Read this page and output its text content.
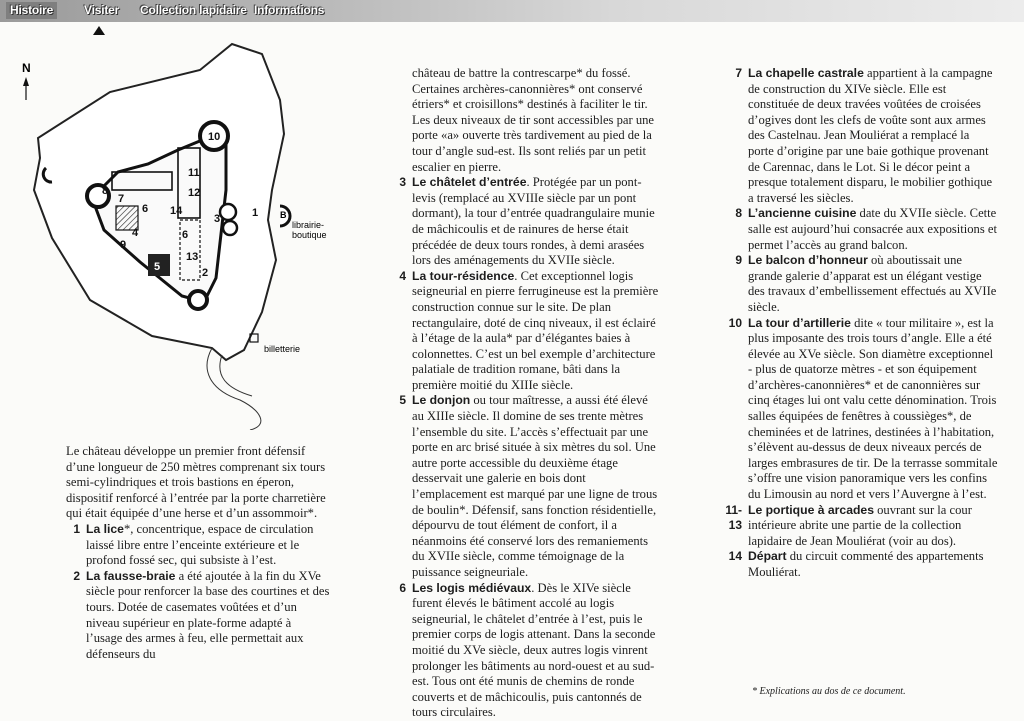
Histoire	Visiter Collection lapidaire Informations
N
10
1
2
3
4
5
6
6
7
8
9
11
12
13
14	B
librairie-
boutique
billetterie

Le château développe un premier front défensif d’une longueur de 250 mètres comprenant six tours semi-cylindriques et trois bastions en éperon, dispositif renforcé à l’entrée par la porte charretière qui était équipée d’une herse et d’un assommoir*.

1 La lice*, concentrique, espace de circulation laissé libre entre l’enceinte extérieure et le profond fossé sec, qui subsiste à l’est.
2 La fausse-braie a été ajoutée à la fin du XVe siècle pour renforcer la base des courtines et des tours. Dotée de casemates voûtées et d’un niveau supérieur en plate-forme adapté à l’usage des armes à feu, elle permettait aux défenseurs du

château de battre la contrescarpe* du fossé. Certaines archères-canonnières* ont conservé étriers* et croisillons* destinés à faciliter le tir. Les deux niveaux de tir sont accessibles par une porte «a» ouverte très tardivement au pied de la tour d’angle sud-est. Ils sont reliés par un petit escalier en pierre.

3 Le châtelet d’entrée. Protégée par un pont-levis (remplacé au XVIIIe siècle par un pont dormant), la tour d’entrée quadrangulaire munie de mâchicoulis et de rainures de herse était précédée de deux tours rondes, à demi arasées lors des aménagements du XVIIe siècle.
4 La tour-résidence. Cet exceptionnel logis seigneurial en pierre ferrugineuse est la première construction connue sur le site. De plan rectangulaire, doté de cinq niveaux, il est éclairé à l’étage de la aula* par d’élégantes baies à colonnettes. C’est un bel exemple d’architecture palatiale de tradition romane, bâti dans la première moitié du XIIIe siècle.
5 Le donjon ou tour maîtresse, a aussi été élevé au XIIIe siècle. Il domine de ses trente mètres l’ensemble du site. L’accès s’effectuait par une porte en arc brisé située à six mètres du sol. Une autre porte accessible du deuxième étage desservait une galerie en bois dont l’emplacement est marqué par une ligne de trous de boulin*. Défensif, sans fonction résidentielle, dépourvu de tout élément de confort, il a néanmoins été conservé lors des remaniements du XVIIe siècle, comme témoignage de la puissance seigneuriale.
6 Les logis médiévaux. Dès le XIVe siècle furent élevés le bâtiment accolé au logis seigneurial, le châtelet d’entrée à l’est, puis le premier corps de logis attenant. Dans la seconde moitié du XVe siècle, deux autres logis vinrent prolonger les bâtiments au nord-ouest et au sud-est. Tous ont été munis de chemins de ronde couverts et de mâchicoulis, puis cantonnés de tours circulaires.
7 La chapelle castrale appartient à la campagne de construction du XIVe siècle. Elle est constituée de deux travées voûtées de croisées d’ogives dont les clefs de voûte sont aux armes des Castelnau. Jean Mouliérat a remplacé la porte d’origine par une baie gothique provenant de Carennac, dans le Lot. Si le décor peint a presque totalement disparu, le mobilier gothique a traversé les siècles.
8 L’ancienne cuisine date du XVIIe siècle. Cette salle est aujourd’hui consacrée aux expositions et permet l’accès au grand balcon.
9 Le balcon d’honneur où aboutissait une grande galerie d’apparat est un élégant vestige des travaux d’embellissement effectués au XVIIe siècle.
10 La tour d’artillerie dite « tour militaire », est la plus imposante des trois tours d’angle. Elle a été élevée au XVe siècle. Son diamètre exceptionnel - plus de quatorze mètres - et son équipement d’archères-canonnières* et de canonnières sur cinq étages lui ont valu cette dénomination. Trois salles équipées de fenêtres à coussièges*, de cheminées et de latrines, destinées à l’habitation, s’élèvent au-dessus de deux niveaux percés de larges embrasures de tir. De la terrasse sommitale s’offre une vision panoramique vers les confins du Limousin au nord et vers l’Auvergne à l’est.
11-13
Le portique à arcades ouvrant sur la cour intérieure abrite une partie de la collection lapidaire de Jean Mouliérat (voir au dos).
14 Départ du circuit commenté des appartements Mouliérat.
* Explications au dos de ce document.
